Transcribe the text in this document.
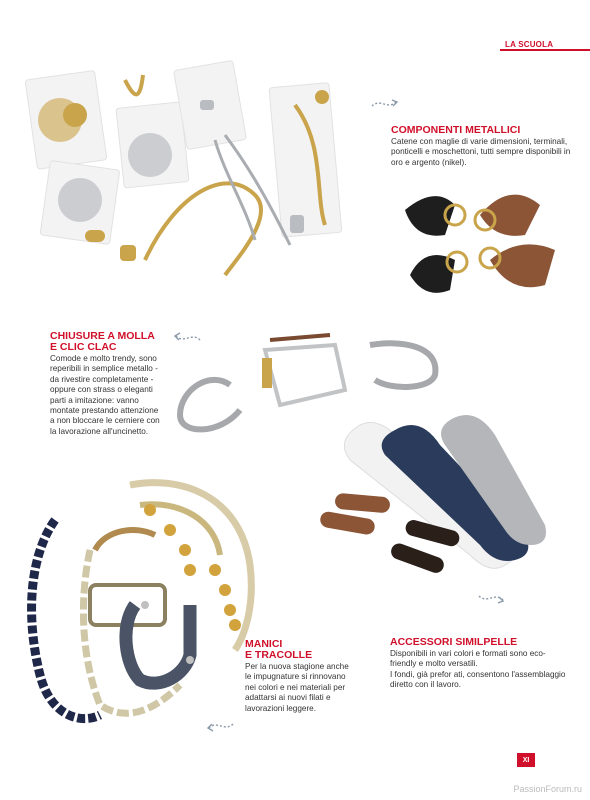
LA SCUOLA
COMPONENTI METALLICI
Catene con maglie di varie dimensioni, terminali, ponticelli e moschettoni, tutti sempre disponibili in oro e argento (nikel).
CHIUSURE A MOLLA
E CLIC CLAC
Comode e molto trendy, sono reperibili in semplice metallo - da rivestire completamente - oppure con strass o eleganti parti a imitazione: vanno montate prestando attenzione a non bloccare le cerniere con la lavorazione all'uncinetto.
MANICI
E TRACOLLE
Per la nuova stagione anche le impugnature si rinnovano nei colori e nei materiali per adattarsi ai nuovi filati e lavorazioni leggere.
ACCESSORI SIMILPELLE
Disponibili in vari colori e formati sono eco-friendly e molto versatili.
I fondi, già prefor ati, consentono l'assemblaggio diretto con il lavoro.
XI
PassionForum.ru
